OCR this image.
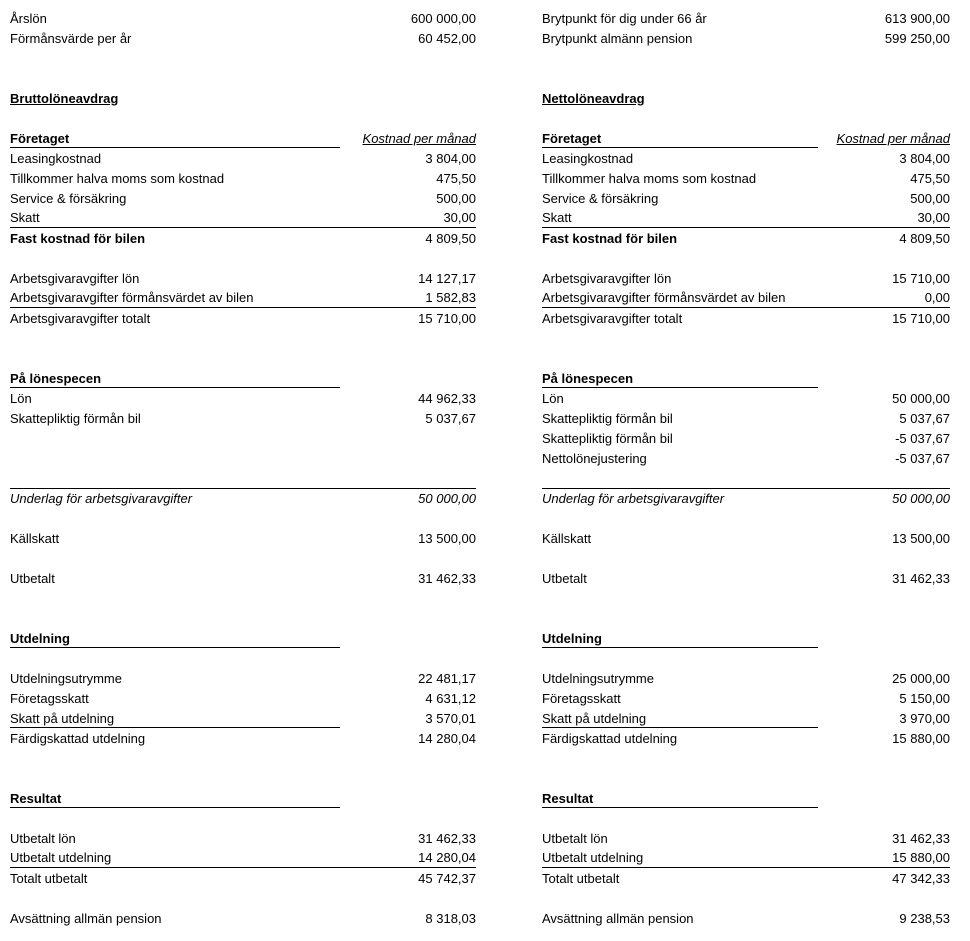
Årslön	600 000,00
Förmånsvärde per år	60 452,00
Bruttolöneavdrag
Företaget	Kostnad per månad
Leasingkostnad	3 804,00
Tillkommer halva moms som kostnad	475,50
Service & försäkring	500,00
Skatt	30,00
Fast kostnad för bilen	4 809,50
Arbetsgivaravgifter lön	14 127,17
Arbetsgivaravgifter förmånsvärdet av bilen	1 582,83
Arbetsgivaravgifter totalt	15 710,00
På lönespecen
Lön	44 962,33
Skattepliktig förmån bil	5 037,67
Underlag för arbetsgivaravgifter	50 000,00
Källskatt	13 500,00
Utbetalt	31 462,33
Utdelning
Utdelningsutrymme	22 481,17
Företagsskatt	4 631,12
Skatt på utdelning	3 570,01
Färdigskattad utdelning	14 280,04
Resultat
Utbetalt lön	31 462,33
Utbetalt utdelning	14 280,04
Totalt utbetalt	45 742,37
Avsättning allmän pension	8 318,03
Brytpunkt för dig under 66 år	613 900,00
Brytpunkt almänn pension	599 250,00
Nettolöneavdrag
Företaget	Kostnad per månad
Leasingkostnad	3 804,00
Tillkommer halva moms som kostnad	475,50
Service & försäkring	500,00
Skatt	30,00
Fast kostnad för bilen	4 809,50
Arbetsgivaravgifter lön	15 710,00
Arbetsgivaravgifter förmånsvärdet av bilen	0,00
Arbetsgivaravgifter totalt	15 710,00
På lönespecen
Lön	50 000,00
Skattepliktig förmån bil	5 037,67
Skattepliktig förmån bil	-5 037,67
Nettolönejustering	-5 037,67
Underlag för arbetsgivaravgifter	50 000,00
Källskatt	13 500,00
Utbetalt	31 462,33
Utdelning
Utdelningsutrymme	25 000,00
Företagsskatt	5 150,00
Skatt på utdelning	3 970,00
Färdigskattad utdelning	15 880,00
Resultat
Utbetalt lön	31 462,33
Utbetalt utdelning	15 880,00
Totalt utbetalt	47 342,33
Avsättning allmän pension	9 238,53
